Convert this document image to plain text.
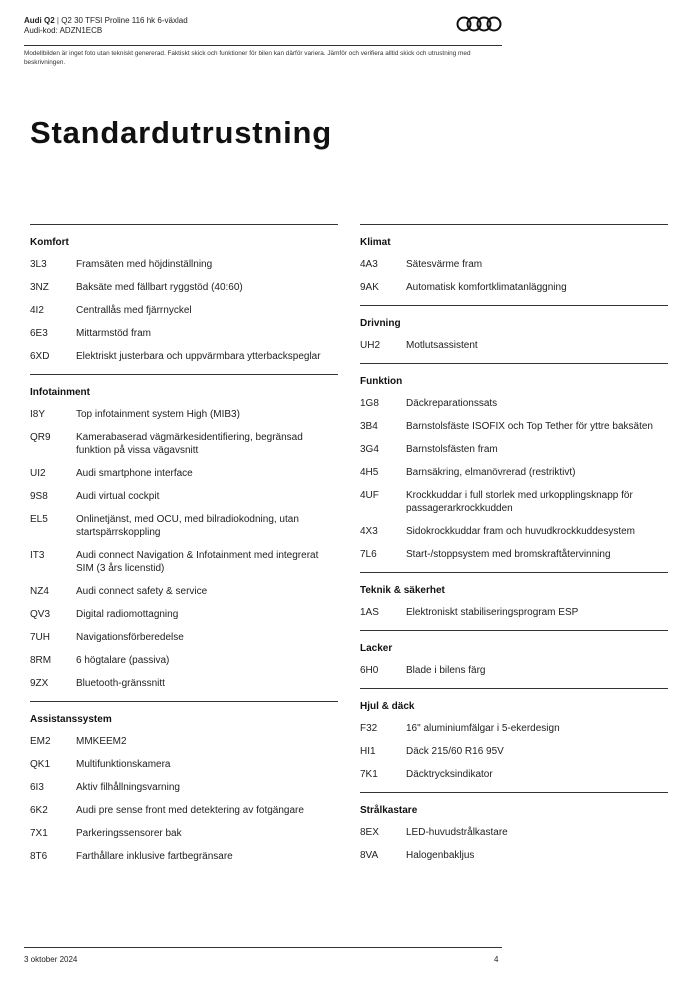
Audi Q2 | Q2 30 TFSI Proline 116 hk 6-växlad
Audi-kod: ADZN1ECB
Modellbilden är inget foto utan tekniskt genererad. Faktiskt skick och funktioner för bilen kan därför variera. Jämför och verifiera alltid skick och utrustning med beskrivningen.
Standardutrustning
Komfort
3L3	Framsäten med höjdinställning
3NZ	Baksäte med fällbart ryggstöd (40:60)
4I2	Centrallås med fjärrnyckel
6E3	Mittarmstöd fram
6XD	Elektriskt justerbara och uppvärmbara ytterbackspeglar
Infotainment
I8Y	Top infotainment system High (MIB3)
QR9	Kamerabaserad vägmärkesidentifiering, begränsad funktion på vissa vägavsnitt
UI2	Audi smartphone interface
9S8	Audi virtual cockpit
EL5	Onlinetjänst, med OCU, med bilradiokodning, utan startspärrskoppling
IT3	Audi connect Navigation & Infotainment med integrerat SIM (3 års licenstid)
NZ4	Audi connect safety & service
QV3	Digital radiomottagning
7UH	Navigationsförberedelse
8RM	6 högtalare (passiva)
9ZX	Bluetooth-gränssnitt
Assistanssystem
EM2	MMKEEM2
QK1	Multifunktionskamera
6I3	Aktiv filhållningsvarning
6K2	Audi pre sense front med detektering av fotgängare
7X1	Parkeringssensorer bak
8T6	Farthållare inklusive fartbegränsare
Klimat
4A3	Sätesvärme fram
9AK	Automatisk komfortklimatanläggning
Drivning
UH2	Motlutsassistent
Funktion
1G8	Däckreparationssats
3B4	Barnstolsfäste ISOFIX och Top Tether för yttre baksäten
3G4	Barnstolsfästen fram
4H5	Barnsäkring, elmanövrerad (restriktivt)
4UF	Krockkuddar i full storlek med urkopplingsknapp för passagerarkrockkudden
4X3	Sidokrockkuddar fram och huvudkrockkuddesystem
7L6	Start-/stoppsystem med bromskraftåtervinning
Teknik & säkerhet
1AS	Elektroniskt stabiliseringsprogram ESP
Lacker
6H0	Blade i bilens färg
Hjul & däck
F32	16" aluminiumfälgar i 5-ekerdesign
HI1	Däck 215/60 R16 95V
7K1	Däcktrycksindikator
Strålkastare
8EX	LED-huvudstrålkastare
8VA	Halogenbakljus
3 oktober 2024	4
